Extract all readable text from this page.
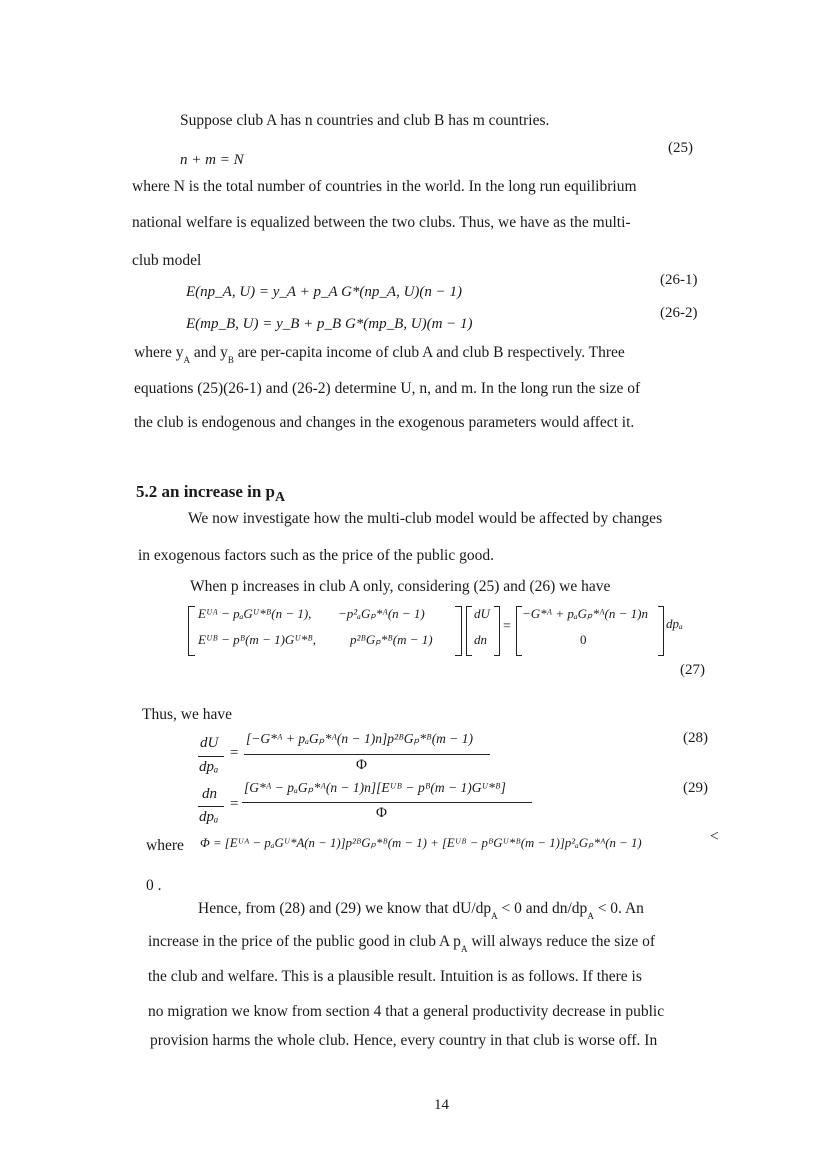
Suppose club A has n countries and club B has m countries.
n + m = N
(25)
where N is the total number of countries in the world. In the long run equilibrium
national welfare is equalized between the two clubs. Thus, we have as the multi-
club model
(26-1)
E(np_A, U) = y_A + p_A G*(np_A, U)(n − 1)
(26-2)
E(mp_B, U) = y_B + p_B G*(mp_B, U)(m − 1)
where $y_A$ and $y_B$ are per-capita income of club A and club B respectively. Three
equations (25)(26-1) and (26-2) determine U, n, and m. In the long run the size of
the club is endogenous and changes in the exogenous parameters would affect it.
5.2 an increase in $p_A$
We now investigate how the multi-club model would be affected by changes
in exogenous factors such as the price of the public good.
When p increases in club A only, considering (25) and (26) we have
Eᵁᴬ − pₐGᵁ*ᴮ(n − 1), −p²ₐGₚ*ᴬ(n − 1)
Eᵁᴮ − pᴮ(m − 1)Gᵁ*ᴮ,	p²ᴮGₚ*ᴮ(m − 1)
dU
dn
=
−G*ᴬ + pₐGₚ*ᴬ(n − 1)n
0
dpₐ
(27)
Thus, we have
dU
dpₐ
=
[−G*ᴬ + pₐGₚ*ᴬ(n − 1)n]p²ᴮGₚ*ᴮ(m − 1)
Φ
(28)
dn
dpₐ
=
[G*ᴬ − pₐGₚ*ᴬ(n − 1)n][Eᵁᴮ − pᴮ(m − 1)Gᵁ*ᴮ]
Φ
(29)
where Φ = [Eᵁᴬ − pₐGᵁ*A(n − 1)]p²ᴮGₚ*ᴮ(m − 1) + [Eᵁᴮ − pᴮGᵁ*ᴮ(m − 1)]p²ₐGₚ*ᴬ(n − 1)	<
0 .
Hence, from (28) and (29) we know that $dU/dp_A < 0$ and $dn/dp_A < 0$. An
increase in the price of the public good in club A $p_A$ will always reduce the size of
the club and welfare. This is a plausible result. Intuition is as follows. If there is
no migration we know from section 4 that a general productivity decrease in public
provision harms the whole club. Hence, every country in that club is worse off. In
14
